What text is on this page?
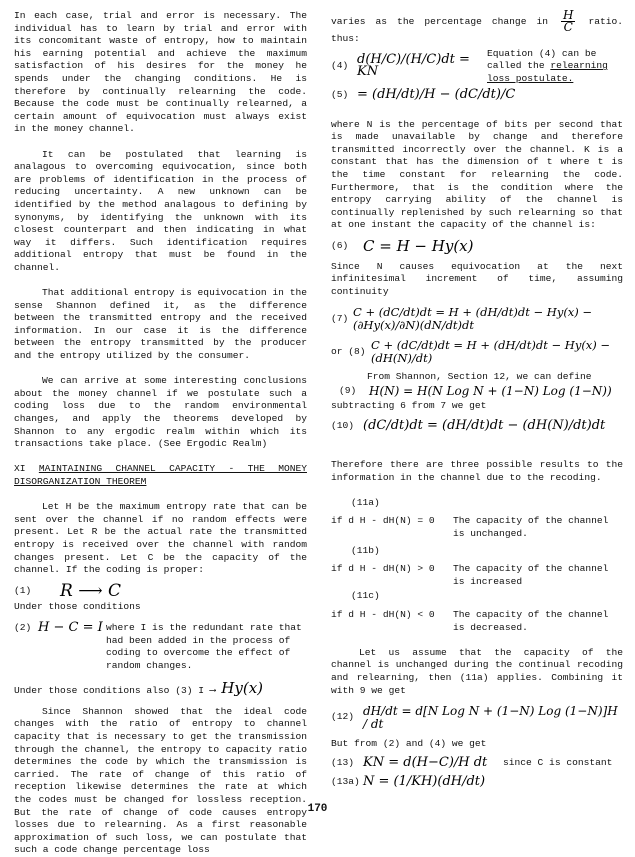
In each case, trial and error is necessary. The individual has to learn by trial and error with its concomitant waste of entropy, how to maintain his earning potential and achieve the maximum satisfaction of his desires for the money he spends under the changing conditions. He is therefore by continually relearning the code. Because the code must be continually relearned, a certain amount of equivocation must always exist in the money channel.

It can be postulated that learning is analagous to overcoming equivocation, since both are problems of identification in the process of reducing uncertainty. A new unknown can be identified by the method analagous to defining by synonyms, by identifying the unknown with its closest counterpart and then indicating in what way it differs. Such identification requires additional entropy that must be found in the channel.

That additional entropy is equivocation in the sense Shannon defined it, as the difference between the transmitted entropy and the received information. In our case it is the difference between the entropy transmitted by the producer and the entropy utilized by the consumer.

We can arrive at some interesting conclusions about the money channel if we postulate such a coding loss due to the random environmental changes, and apply the theorems developed by Shannon to any ergodic realm within which its transactions take place. (See Ergodic Realm)

XI MAINTAINING CHANNEL CAPACITY - THE MONEY DISORGANIZATION THEOREM

Let H be the maximum entropy rate that can be sent over the channel if no random effects were present. Let R be the actual rate the transmitted entropy is received over the channel with random changes present. Let C be the capacity of the channel. If the coding is proper:

(1)	R ⟶ C

Under those conditions

(2) H − C = I where I is the redundant rate that had been added in the process of coding to overcome the effect of random changes.

Under those conditions also (3) I ⟶ Hy(x)

Since Shannon showed that the ideal code changes with the ratio of entropy to channel capacity that is necessary to get the transmission through the channel, the entropy to capacity ratio determines the code by which the transmission is carried. The rate of change of this ratio of reception likewise determines the rate at which the codes must be changed for lossless reception. But the rate of change of code causes entropy losses due to relearning. As a first reasonable approximation of such loss, we can postulate that such a code change percentage loss

varies as the percentage change in $\frac{H}{C}$ ratio. thus:

(4) d(H/C)/(H/C)dt = KN

Equation (4) can be called the relearning loss postulate.

(5) = (dH/dt)/H − (dC/dt)/C

where N is the percentage of bits per second that is made unavailable by change and therefore transmitted incorrectly over the channel. K is a constant that has the dimension of t where t is the time constant for relearning the code. Furthermore, that is the condition where the entropy carrying ability of the channel is continually replenished by such relearning so that at one instant the capacity of the channel is:

(6) C = H − Hy(x)

Since N causes equivocation at the next infinitesimal increment of time, assuming continuity

(7) C + (dC/dt)dt = H + (dH/dt)dt − Hy(x) − (∂Hy(x)/∂N)(dN/dt)dt
or (8) C + (dC/dt)dt = H + (dH/dt)dt − Hy(x) − (dH(N)/dt)

From Shannon, Section 12, we can define

(9)	H(N) = H(N Log N + (1−N) Log (1−N))

subtracting 6 from 7 we get

(10) (dC/dt)dt = (dH/dt)dt − (dH(N)/dt)dt

Therefore there are three possible results to the information in the channel due to the recoding.

(11a)

if d H - dH(N) = 0	The capacity of the channel is unchanged.

(11b)

if d H - dH(N) > 0	The capacity of the channel is increased

(11c)

if d H - dH(N) < 0	The capacity of the channel is decreased.

Let us assume that the capacity of the channel is unchanged during the continual recoding and relearning, then (11a) applies. Combining it with 9 we get

(12) dH/dt = d[N Log N + (1−N) Log (1−N)]H / dt

But from (2) and (4) we get

(13) KN = d(H−C)/H dt	since C is constant
(13a) N = (1/KH)(dH/dt)
170
